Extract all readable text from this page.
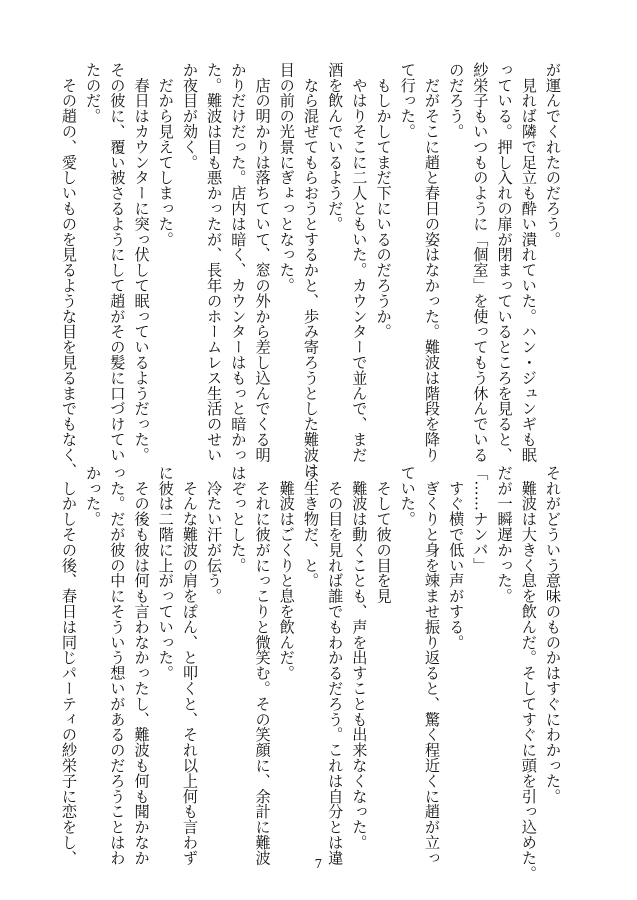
が運んでくれたのだろう。
　見れば隣で足立も酔い潰れていた。ハン・ジュンギも眠
っている。押し入れの扉が閉まっているところを見ると、
紗栄子もいつものように「個室」を使ってもう休んでいる
のだろう。
　だがそこに趙と春日の姿はなかった。難波は階段を降り
て行った。
　もしかしてまだ下にいるのだろうか。
　やはりそこに二人ともいた。カウンターで並んで、まだ
酒を飲んでいるようだ。
　なら混ぜてもらおうとするかと、歩み寄ろうとした難波は、
目の前の光景にぎょっとなった。
　店の明かりは落ちていて、窓の外から差し込んでくる明
かりだけだった。店内は暗く、カウンターはもっと暗かっ
た。難波は目も悪かったが、長年のホームレス生活のせい
か夜目が効く。
　だから見えてしまった。
　春日はカウンターに突っ伏して眠っているようだった。
その彼に、覆い被さるようにして趙がその髪に口づけてい
たのだ。
　その趙の、愛しいものを見るような目を見るまでもなく、
それがどういう意味のものかはすぐにわかった。
　難波は大きく息を飲んだ。そしてすぐに頭を引っ込めた。
だが一瞬遅かった。
「……ナンバ」
　すぐ横で低い声がする。
　ぎくりと身を竦ませ振り返ると、驚く程近くに趙が立っ
ていた。
　そして彼の目を見
　難波は動くことも、声を出すことも出来なくなった。
　その目を見れば誰でもわかるだろう。これは自分とは違
う生き物だ、と。
　難波はごくりと息を飲んだ。
　それに彼がにっこりと微笑む。その笑顔に、余計に難波
はぞっとした。
　冷たい汗が伝う。
　そんな難波の肩をぽん、と叩くと、それ以上何も言わず
に彼は二階に上がっていった。
　その後も彼は何も言わなかったし、難波も何も聞かなか
った。だが彼の中にそういう想いがあるのだろうことはわ
かった。
　しかしその後、春日は同じパーティの紗栄子に恋をし、	7
